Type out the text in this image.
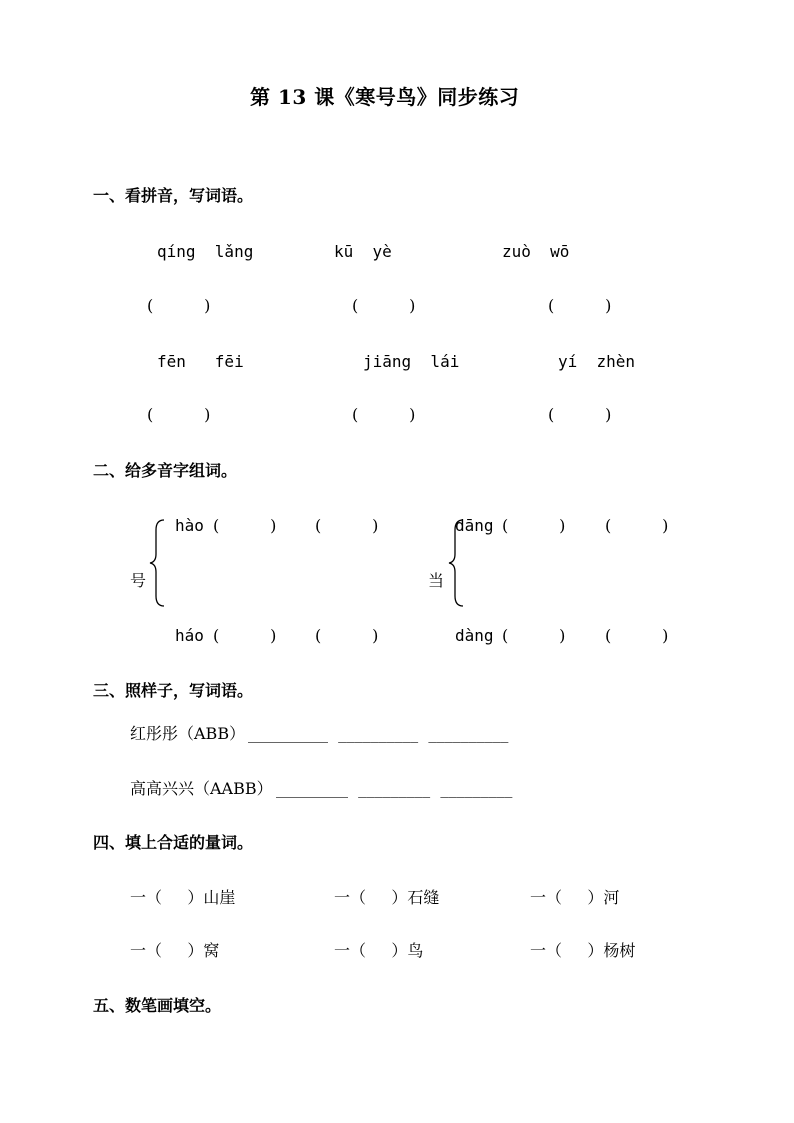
第 13 课《寒号鸟》同步练习
一、看拼音，写词语。
qíng  lǎng	kū  yè	zuò  wō
(          )	(          )	(          )
fēn   fēi	jiāng  lái	yí  zhèn
(          )	(          )	(          )
二、给多音字组词。
号
hào (          ) (          )
háo (          ) (          )
当
dāng (          ) (          )
dàng (          ) (          )
三、照样子，写词语。
红彤彤（ABB） __________  __________  __________
高高兴兴（AABB） _________  _________  _________
四、填上合适的量词。
一（     ）山崖	一（     ）石缝	一（     ）河
一（     ）窝	一（     ）鸟	一（     ）杨树
五、数笔画填空。
